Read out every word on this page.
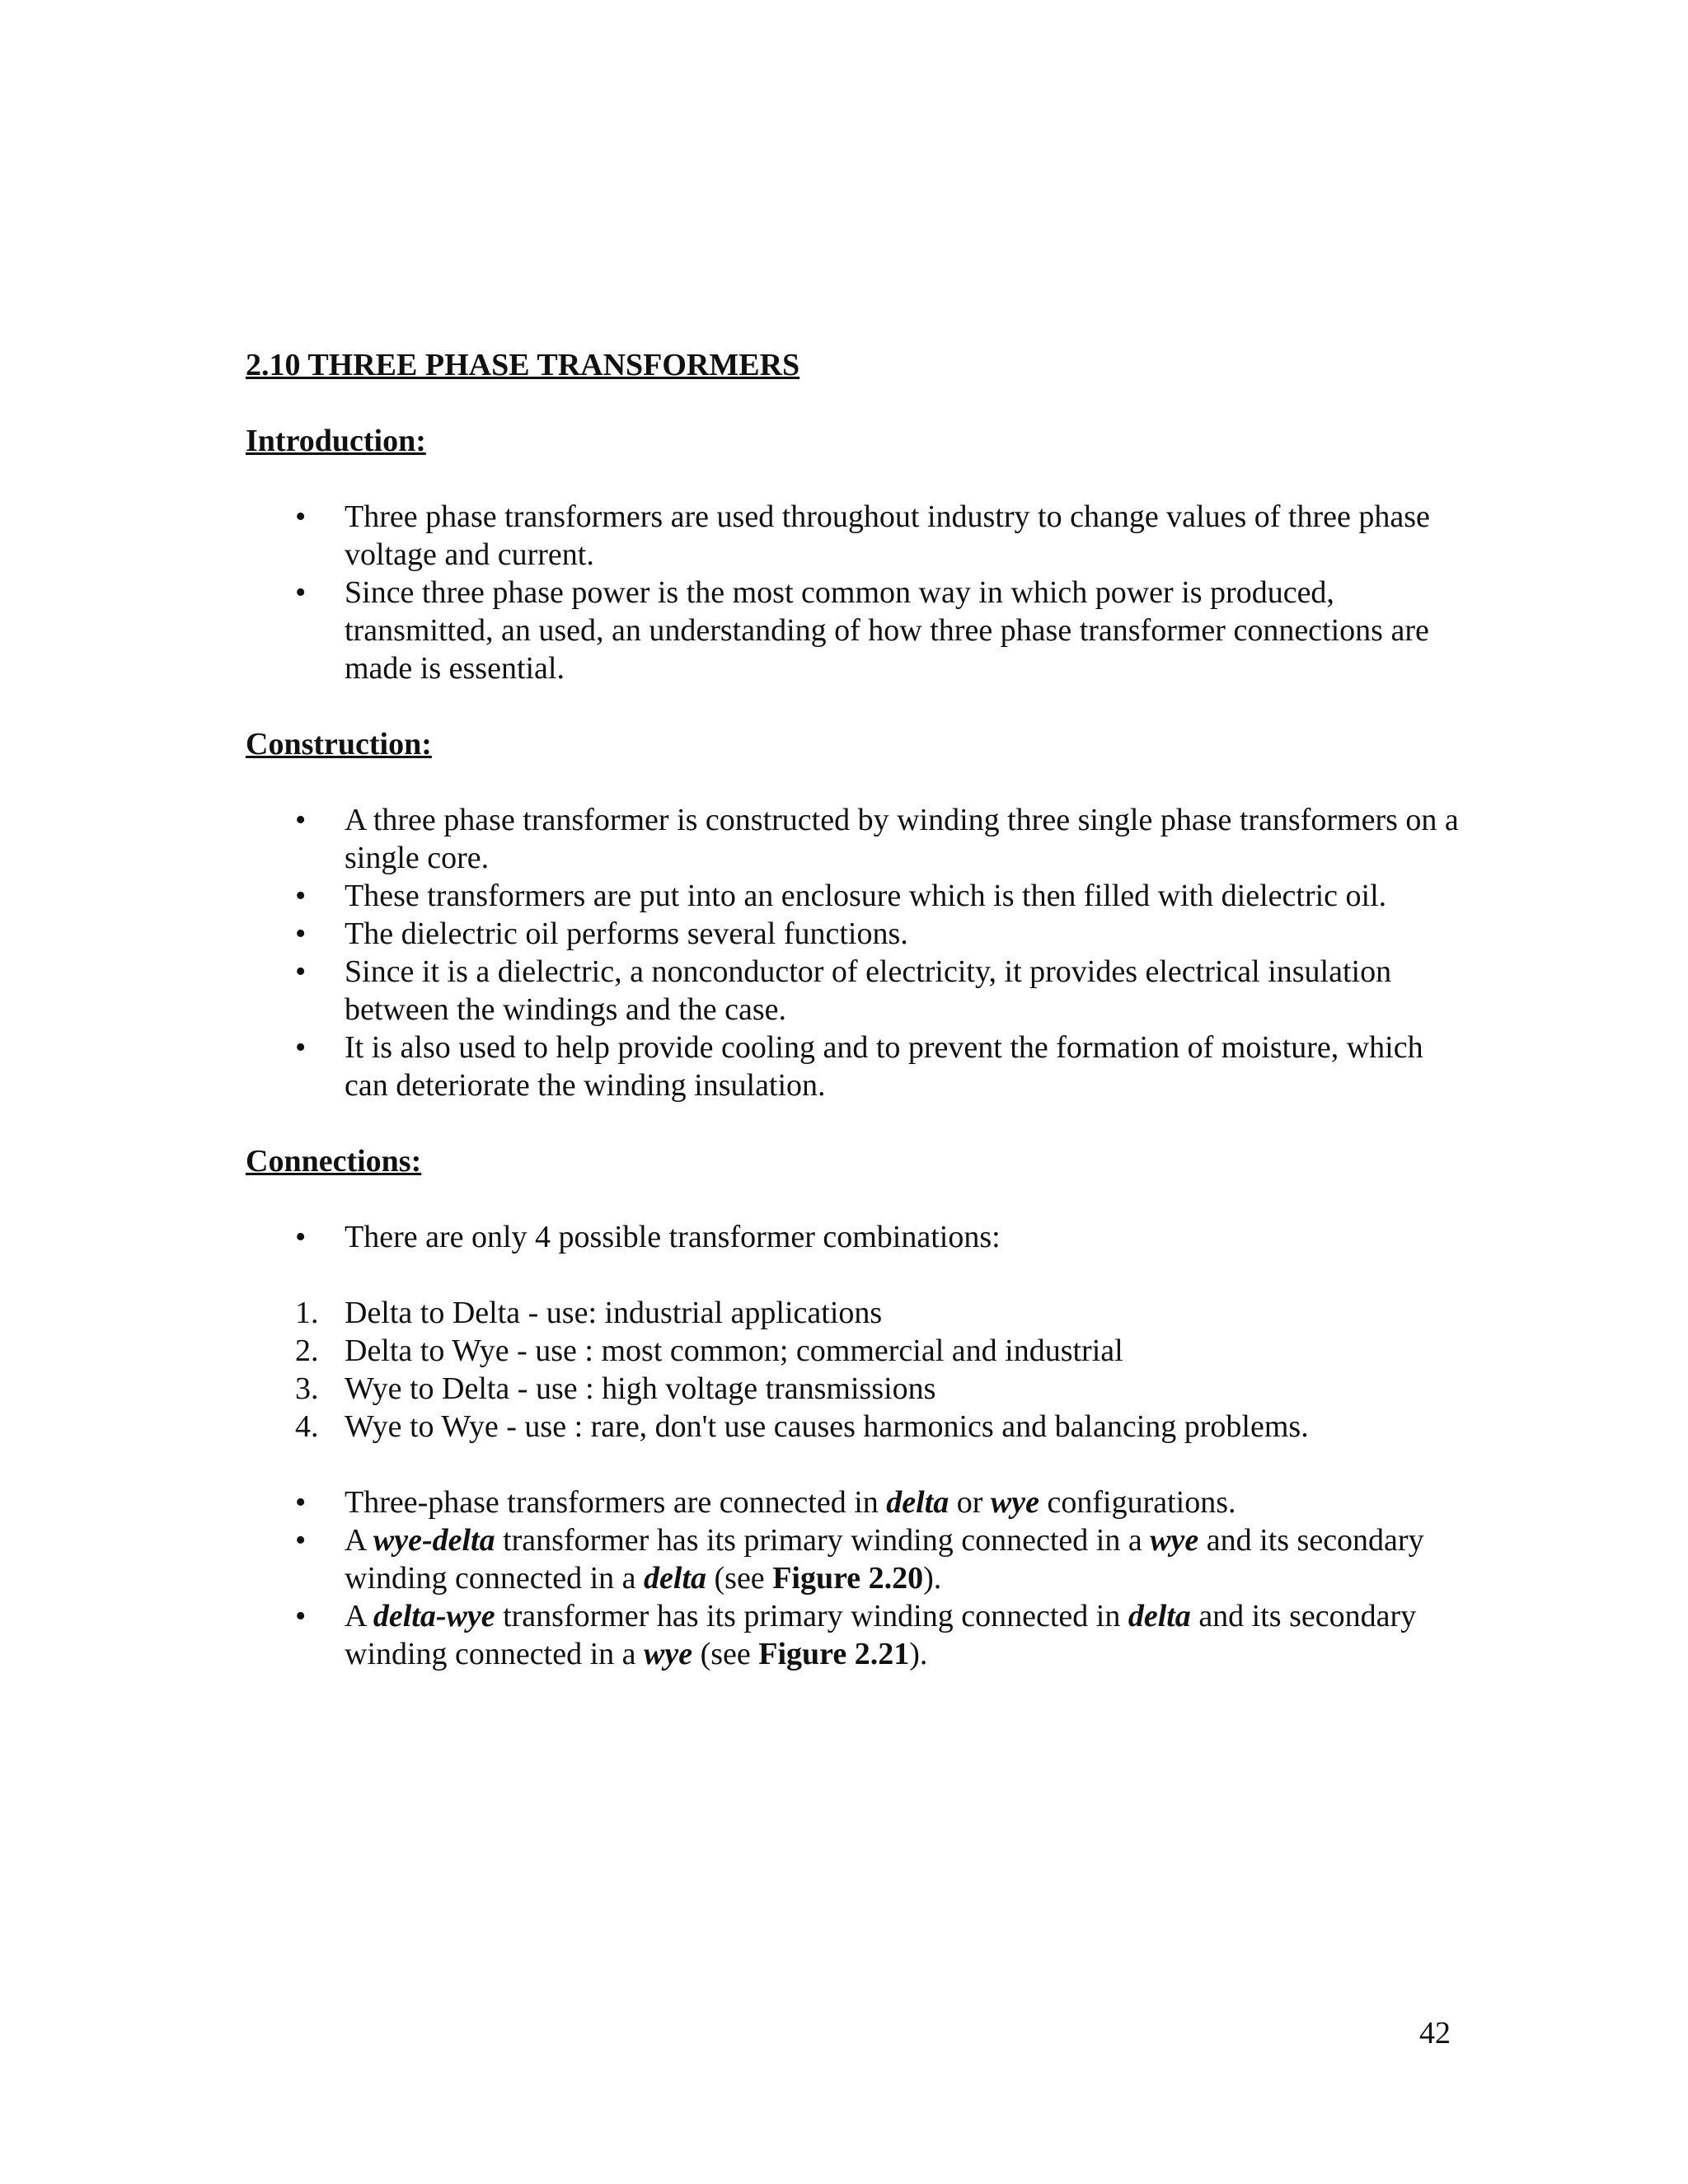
2.10 THREE PHASE TRANSFORMERS
Introduction:
• Three phase transformers are used throughout industry to change values of three phase voltage and current.
• Since three phase power is the most common way in which power is produced, transmitted, an used, an understanding of how three phase transformer connections are made is essential.
Construction:
• A three phase transformer is constructed by winding three single phase transformers on a single core.
• These transformers are put into an enclosure which is then filled with dielectric oil.
• The dielectric oil performs several functions.
• Since it is a dielectric, a nonconductor of electricity, it provides electrical insulation between the windings and the case.
• It is also used to help provide cooling and to prevent the formation of moisture, which can deteriorate the winding insulation.
Connections:
• There are only 4 possible transformer combinations:
1. Delta to Delta - use: industrial applications
2. Delta to Wye - use : most common; commercial and industrial
3. Wye to Delta - use : high voltage transmissions
4. Wye to Wye - use : rare, don't use causes harmonics and balancing problems.
• Three-phase transformers are connected in delta or wye configurations.
• A wye-delta transformer has its primary winding connected in a wye and its secondary winding connected in a delta (see Figure 2.20).
• A delta-wye transformer has its primary winding connected in delta and its secondary winding connected in a wye (see Figure 2.21).
42
